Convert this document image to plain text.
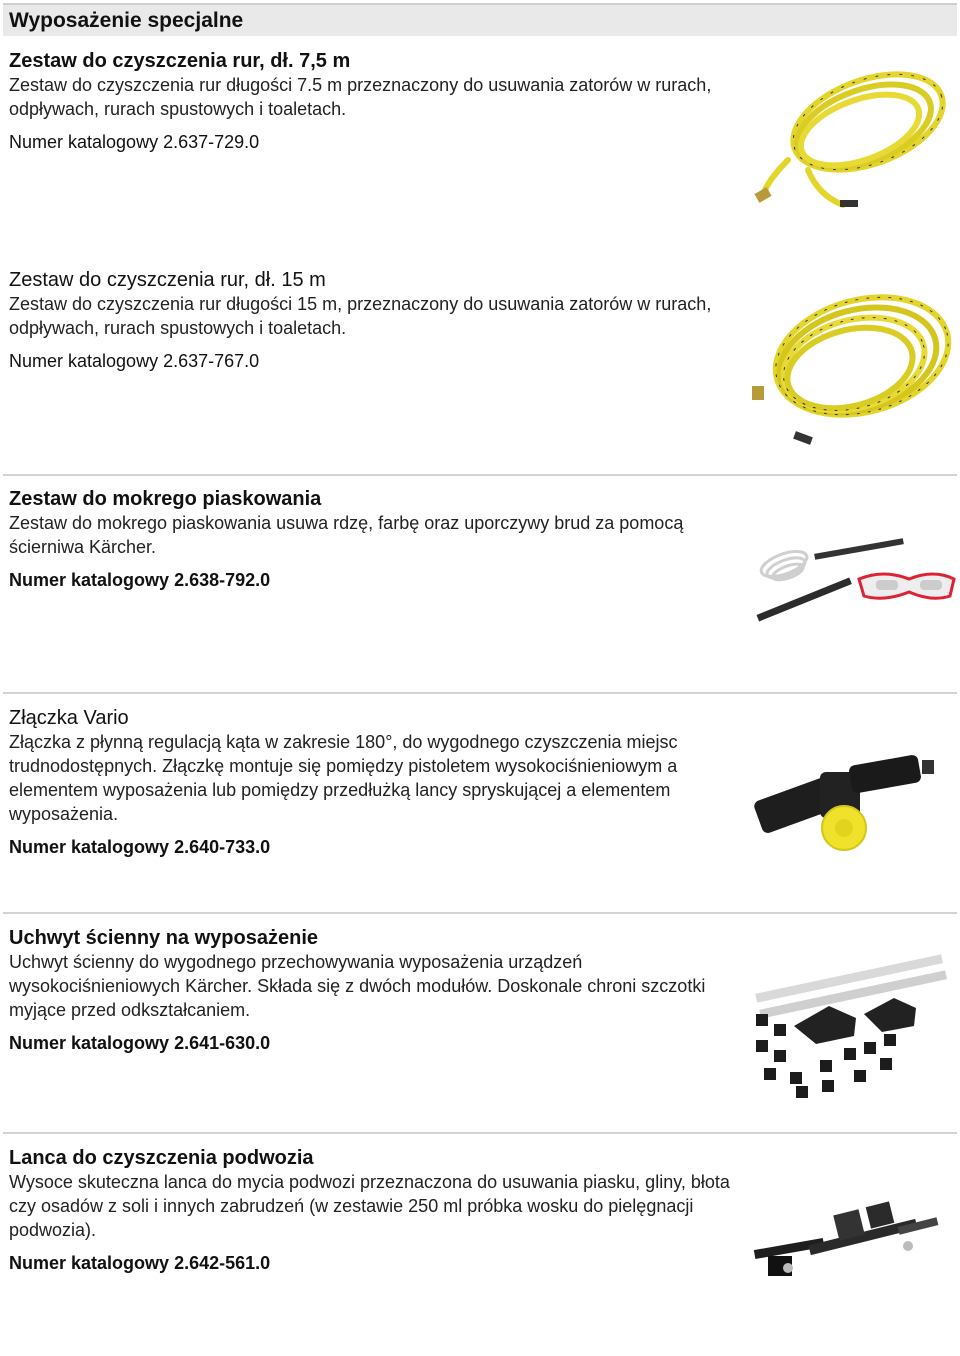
Wyposażenie specjalne
Zestaw do czyszczenia rur, dł. 7,5 m

Zestaw do czyszczenia rur długości 7.5 m przeznaczony do usuwania zatorów w rurach, odpływach, rurach spustowych i toaletach.

Numer katalogowy 2.637-729.0

Zestaw do czyszczenia rur, dł. 15 m

Zestaw do czyszczenia rur długości 15 m, przeznaczony do usuwania zatorów w rurach, odpływach, rurach spustowych i toaletach.

Numer katalogowy 2.637-767.0

Zestaw do mokrego piaskowania

Zestaw do mokrego piaskowania usuwa rdzę, farbę oraz uporczywy brud za pomocą ścierniwa Kärcher.

Numer katalogowy 2.638-792.0

Złączka Vario

Złączka z płynną regulacją kąta w zakresie 180°, do wygodnego czyszczenia miejsc trudnodostępnych. Złączkę montuje się pomiędzy pistoletem wysokociśnieniowym a elementem wyposażenia lub pomiędzy przedłużką lancy spryskującej a elementem wyposażenia.

Numer katalogowy 2.640-733.0

Uchwyt ścienny na wyposażenie

Uchwyt ścienny do wygodnego przechowywania wyposażenia urządzeń wysokociśnieniowych Kärcher. Składa się z dwóch modułów. Doskonale chroni szczotki myjące przed odkształcaniem.

Numer katalogowy 2.641-630.0

Lanca do czyszczenia podwozia

Wysoce skuteczna lanca do mycia podwozi przeznaczona do usuwania piasku, gliny, błota czy osadów z soli i innych zabrudzeń (w zestawie 250 ml próbka wosku do pielęgnacji podwozia).

Numer katalogowy 2.642-561.0
